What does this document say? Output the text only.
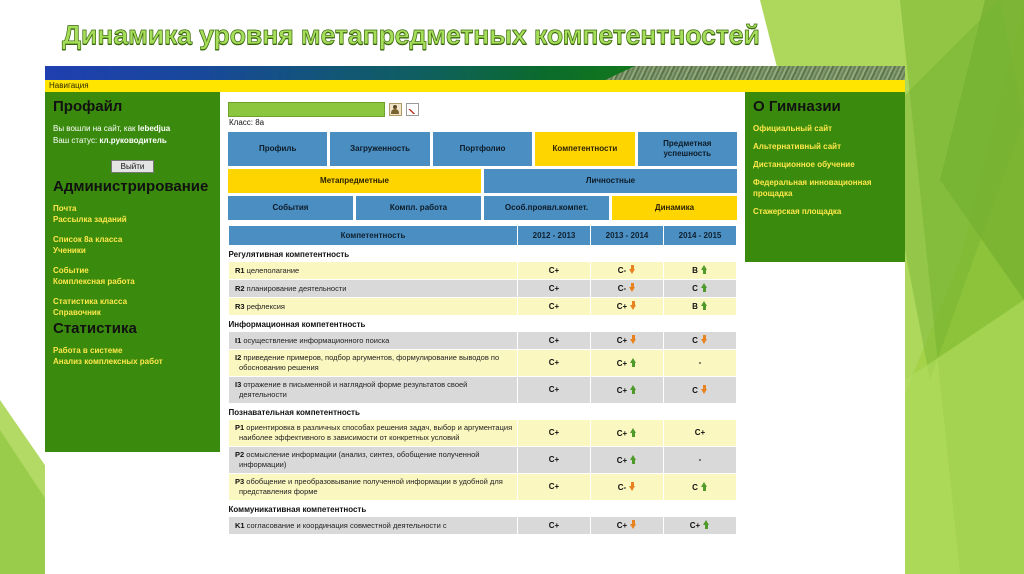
Динамика уровня метапредметных компетентностей
Навигация
Профайл
Вы вошли на сайт, как lebedjua
Ваш статус: кл.руководитель
Выйти
Администрирование
Почта
Рассылка заданий
Список 8а класса
Ученики
Событие
Комплексная работа
Статистика класса
Справочник
Статистика
Работа в системе
Анализ комплексных работ
Класс: 8а
Профиль	Загруженность	Портфолио	Компетентности
Предметная успешность
Метапредметные	Личностные
События	Компл. работа	Особ.проявл.компет.	Динамика
Компетентность	2012 - 2013	2013 - 2014	2014 - 2015
Регулятивная компетентность			
R1 целеполагание	С+	С-	В
R2 планирование деятельности	С+	С-	С
R3 рефлексия	С+	С+	В
Информационная компетентность			
I1 осуществление информационного поиска	С+	С+	С
I2 приведение примеров, подбор аргументов, формулирование выводов по обоснованию решения	С+	С+	-
I3 отражение в письменной и наглядной форме результатов своей деятельности	С+	С+	С
Познавательная компетентность			
P1 ориентировка в различных способах решения задач, выбор и аргументация наиболее эффективного в зависимости от конкретных условий	С+	С+	С+
P2 осмысление информации (анализ, синтез, обобщение полученной информации)	С+	С+	-
P3 обобщение и преобразовывание полученной информации в удобной для представления форме	С+	С-	С
Коммуникативная компетентность			
K1 согласование и координация совместной деятельности с	С+	С+	С+
О Гимназии
Официальный сайт
Альтернативный сайт
Дистанционное обучение
Федеральная инновационная прощадка
Стажерская площадка
